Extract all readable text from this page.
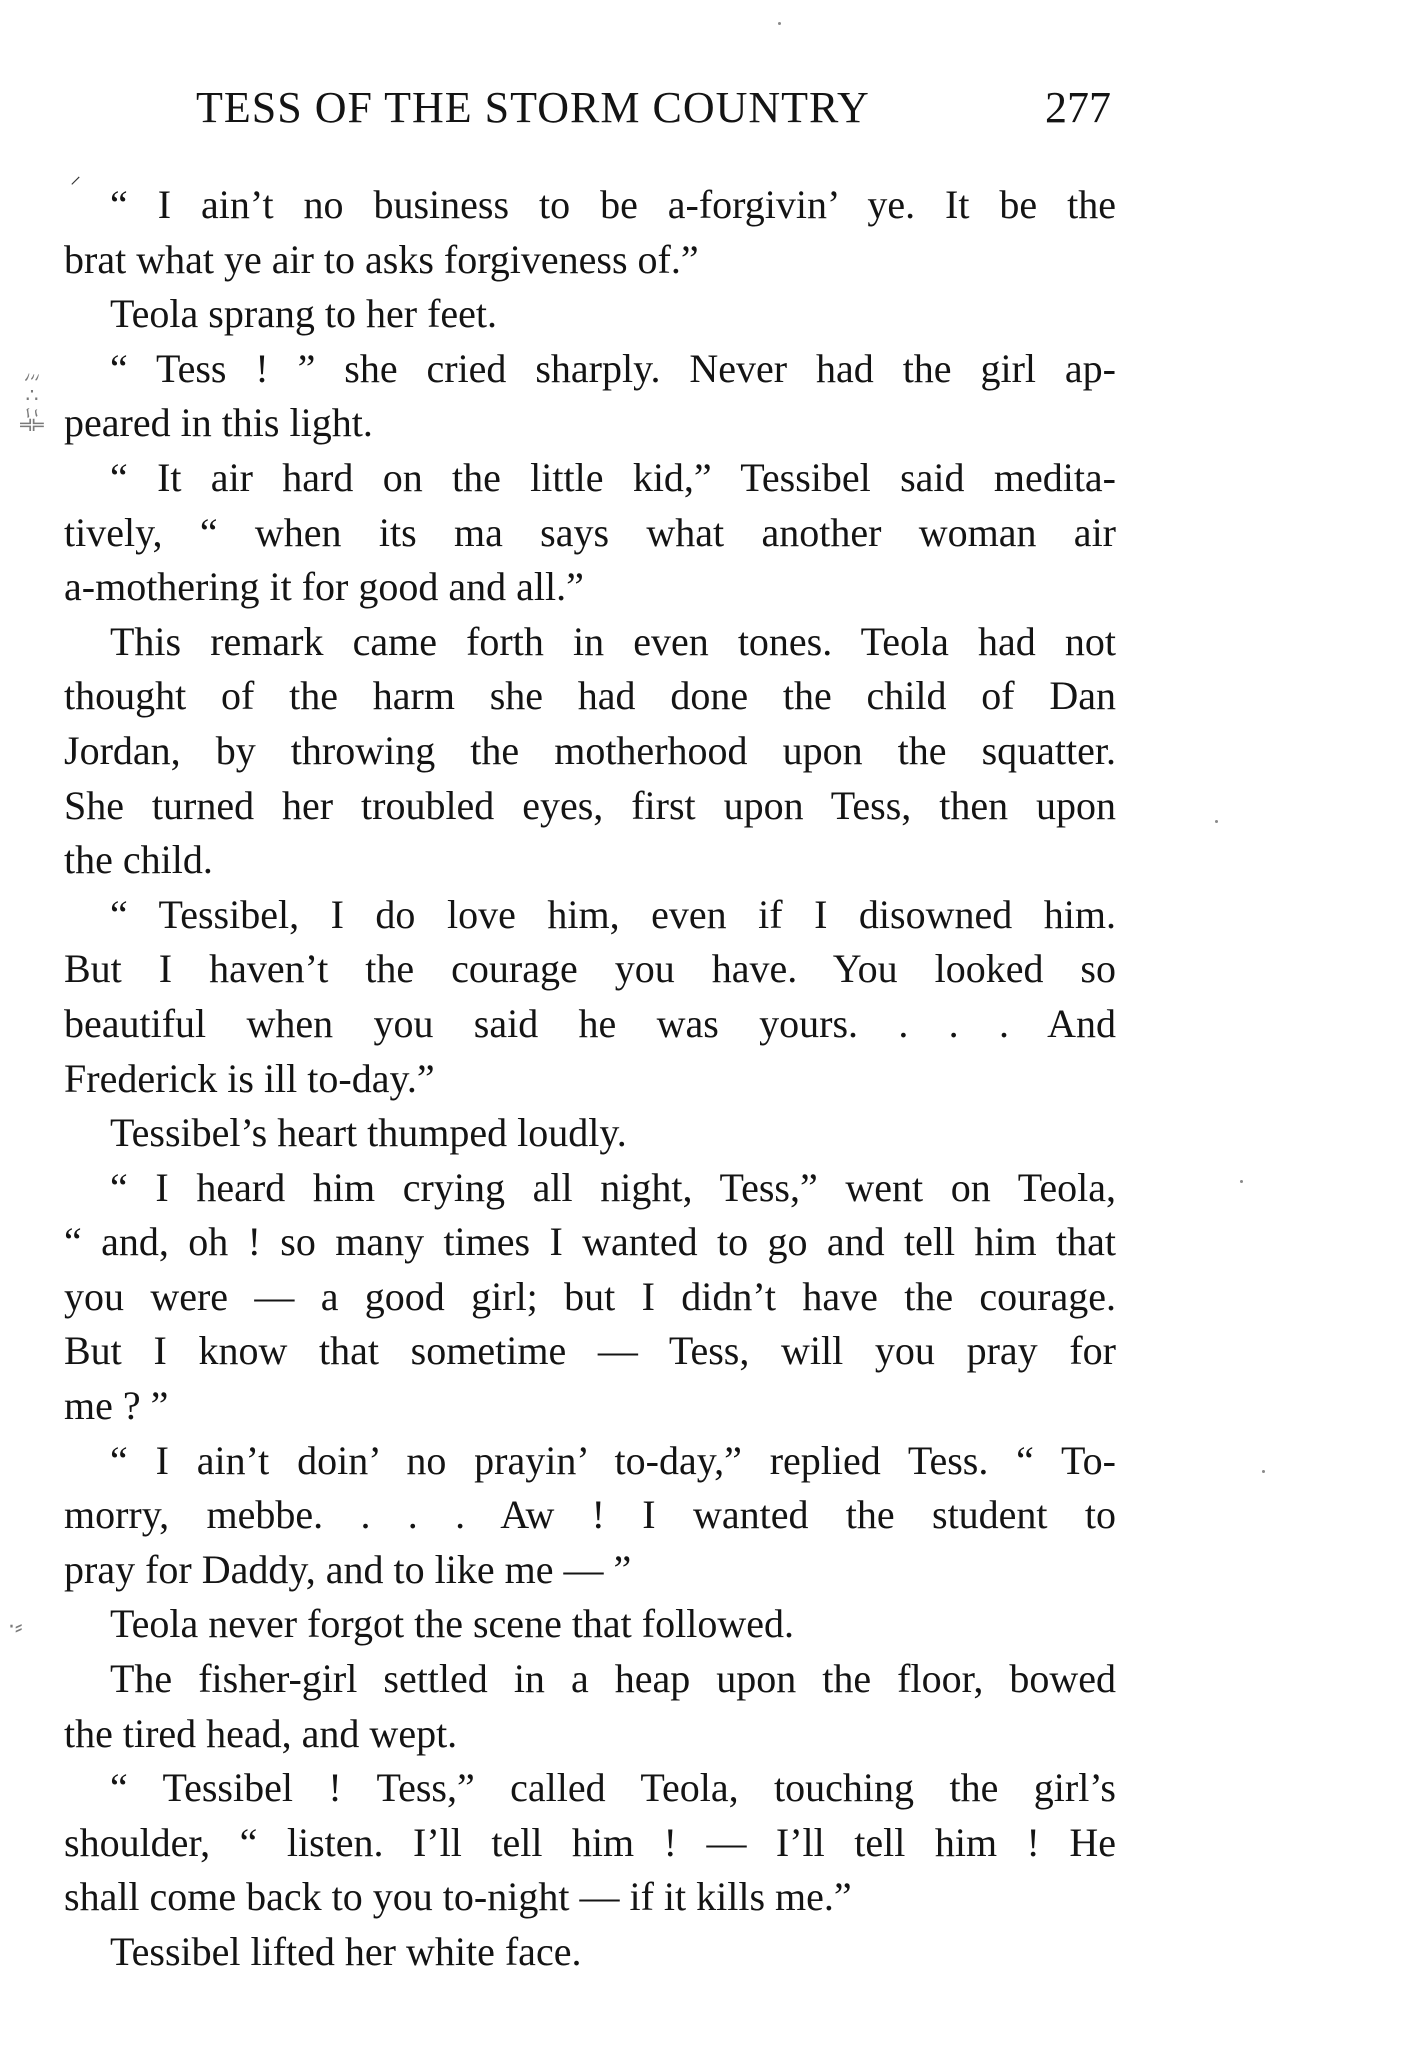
TESS OF THE STORM COUNTRY	277
⸝
ﾐ∴ﾆ╬
·⸗
“ I ain’t no business to be a-forgivin’ ye. It be the
brat what ye air to asks forgiveness of.”
Teola sprang to her feet.
“ Tess ! ” she cried sharply. Never had the girl ap-
peared in this light.
“ It air hard on the little kid,” Tessibel said medita-
tively, “ when its ma says what another woman air
a-mothering it for good and all.”
This remark came forth in even tones. Teola had not
thought of the harm she had done the child of Dan
Jordan, by throwing the motherhood upon the squatter.
She turned her troubled eyes, first upon Tess, then upon
the child.
“ Tessibel, I do love him, even if I disowned him.
But I haven’t the courage you have. You looked so
beautiful when you said he was yours. . . . And
Frederick is ill to-day.”
Tessibel’s heart thumped loudly.
“ I heard him crying all night, Tess,” went on Teola,
“ and, oh ! so many times I wanted to go and tell him that
you were — a good girl; but I didn’t have the courage.
But I know that sometime — Tess, will you pray for
me ? ”
“ I ain’t doin’ no prayin’ to-day,” replied Tess. “ To-
morry, mebbe. . . . Aw ! I wanted the student to
pray for Daddy, and to like me — ”
Teola never forgot the scene that followed.
The fisher-girl settled in a heap upon the floor, bowed
the tired head, and wept.
“ Tessibel ! Tess,” called Teola, touching the girl’s
shoulder, “ listen. I’ll tell him ! — I’ll tell him ! He
shall come back to you to-night — if it kills me.”
Tessibel lifted her white face.
